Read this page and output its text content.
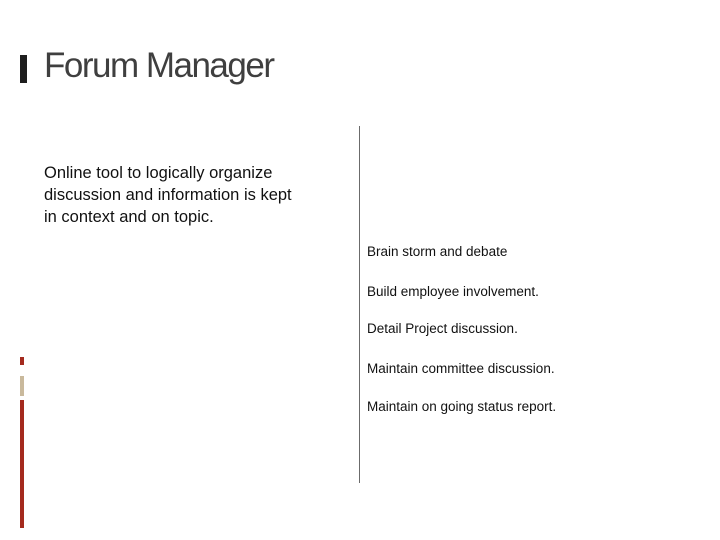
Forum Manager
Online tool to logically organize
discussion and information is kept
in context and on topic.
Brain storm and debate
Build employee involvement.
Detail Project discussion.
Maintain committee discussion.
Maintain on going status report.
